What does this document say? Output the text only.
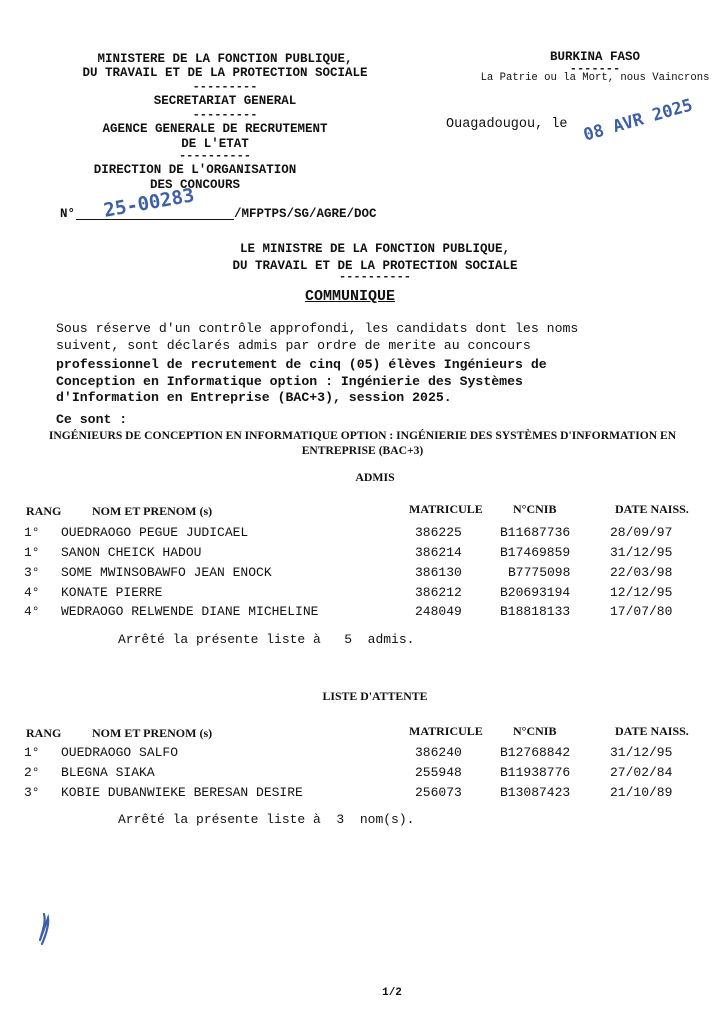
MINISTERE DE LA FONCTION PUBLIQUE,
DU TRAVAIL ET DE LA PROTECTION SOCIALE
---------
SECRETARIAT GENERAL
---------
AGENCE GENERALE DE RECRUTEMENT
DE L'ETAT
----------
DIRECTION DE L'ORGANISATION
DES CONCOURS
N° 25-00283	/MFPTPS/SG/AGRE/DOC
BURKINA FASO
-------
La Patrie ou la Mort, nous Vaincrons
Ouagadougou, le 08 AVR 2025
LE MINISTRE DE LA FONCTION PUBLIQUE,
DU TRAVAIL ET DE LA PROTECTION SOCIALE
----------
COMMUNIQUE
Sous réserve d'un contrôle approfondi, les candidats dont les noms
suivent, sont déclarés admis par ordre de merite au concours
professionnel de recrutement de cinq (05) élèves Ingénieurs de
Conception en Informatique option : Ingénierie des Systèmes
d'Information en Entreprise (BAC+3), session 2025.
Ce sont :
INGÉNIEURS DE CONCEPTION EN INFORMATIQUE OPTION : INGÉNIERIE DES SYSTÈMES D'INFORMATION EN
ENTREPRISE (BAC+3)
ADMIS
RANG	NOM ET PRENOM (s)	MATRICULE	N°CNIB	DATE NAISS.
1° OUEDRAOGO PEGUE JUDICAEL	386225	B11687736	28/09/97
1° SANON CHEICK HADOU	386214	B17469859	31/12/95
3° SOME MWINSOBAWFO JEAN ENOCK	386130	B7775098	22/03/98
4° KONATE PIERRE	386212	B20693194	12/12/95
4° WEDRAOGO RELWENDE DIANE MICHELINE	248049	B18818133	17/07/80
Arrêté la présente liste à   5  admis.
LISTE D'ATTENTE
RANG	NOM ET PRENOM (s)	MATRICULE	N°CNIB	DATE NAISS.
1° OUEDRAOGO SALFO	386240	B12768842	31/12/95
2° BLEGNA SIAKA	255948	B11938776	27/02/84
3° KOBIE DUBANWIEKE BERESAN DESIRE	256073	B13087423	21/10/89
Arrêté la présente liste à  3  nom(s).
1/2
